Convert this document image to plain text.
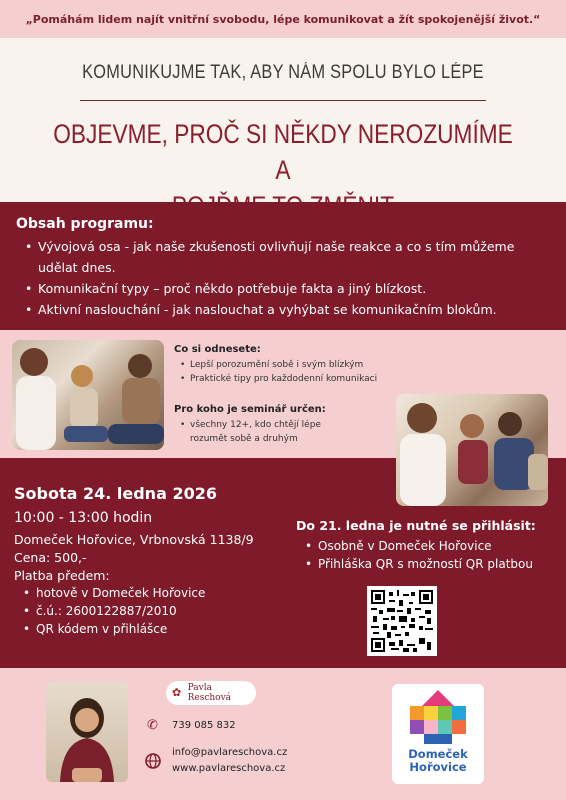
„Pomáhám lidem najít vnitřní svobodu, lépe komunikovat a žít spokojenější život.“
KOMUNIKUJME TAK, ABY NÁM SPOLU BYLO LÉPE
OBJEVME, PROČ SI NĚKDY NEROZUMÍME A
Obsah programu:
• Vývojová osa - jak naše zkušenosti ovlivňují naše reakce a co s tím můžeme
udělat dnes.
• Komunikační typy – proč někdo potřebuje fakta a jiný blízkost.
• Aktivní naslouchání - jak naslouchat a vyhýbat se komunikačním blokům.
Co si odnesete:
• Lepší porozumění sobě i svým blízkým
• Praktické tipy pro každodenní komunikaci
Pro koho je seminář určen:
• všechny 12+, kdo chtějí lépe
rozumět sobě a druhým
Sobota 24. ledna 2026
10:00 - 13:00 hodin
Domeček Hořovice, Vrbnovská 1138/9
Cena: 500,-
Platba předem:
• hotově v Domeček Hořovice
• č.ú.: 2600122887/2010
• QR kódem v přihlášce
Do 21. ledna je nutné se přihlásit:
• Osobně v Domeček Hořovice
• Přihláška QR s možností QR platbou
✿ Pavla Reschová
✆ 739 085 832
info@pavlareschova.cz
www.pavlareschova.cz
Domeček
Hořovice
